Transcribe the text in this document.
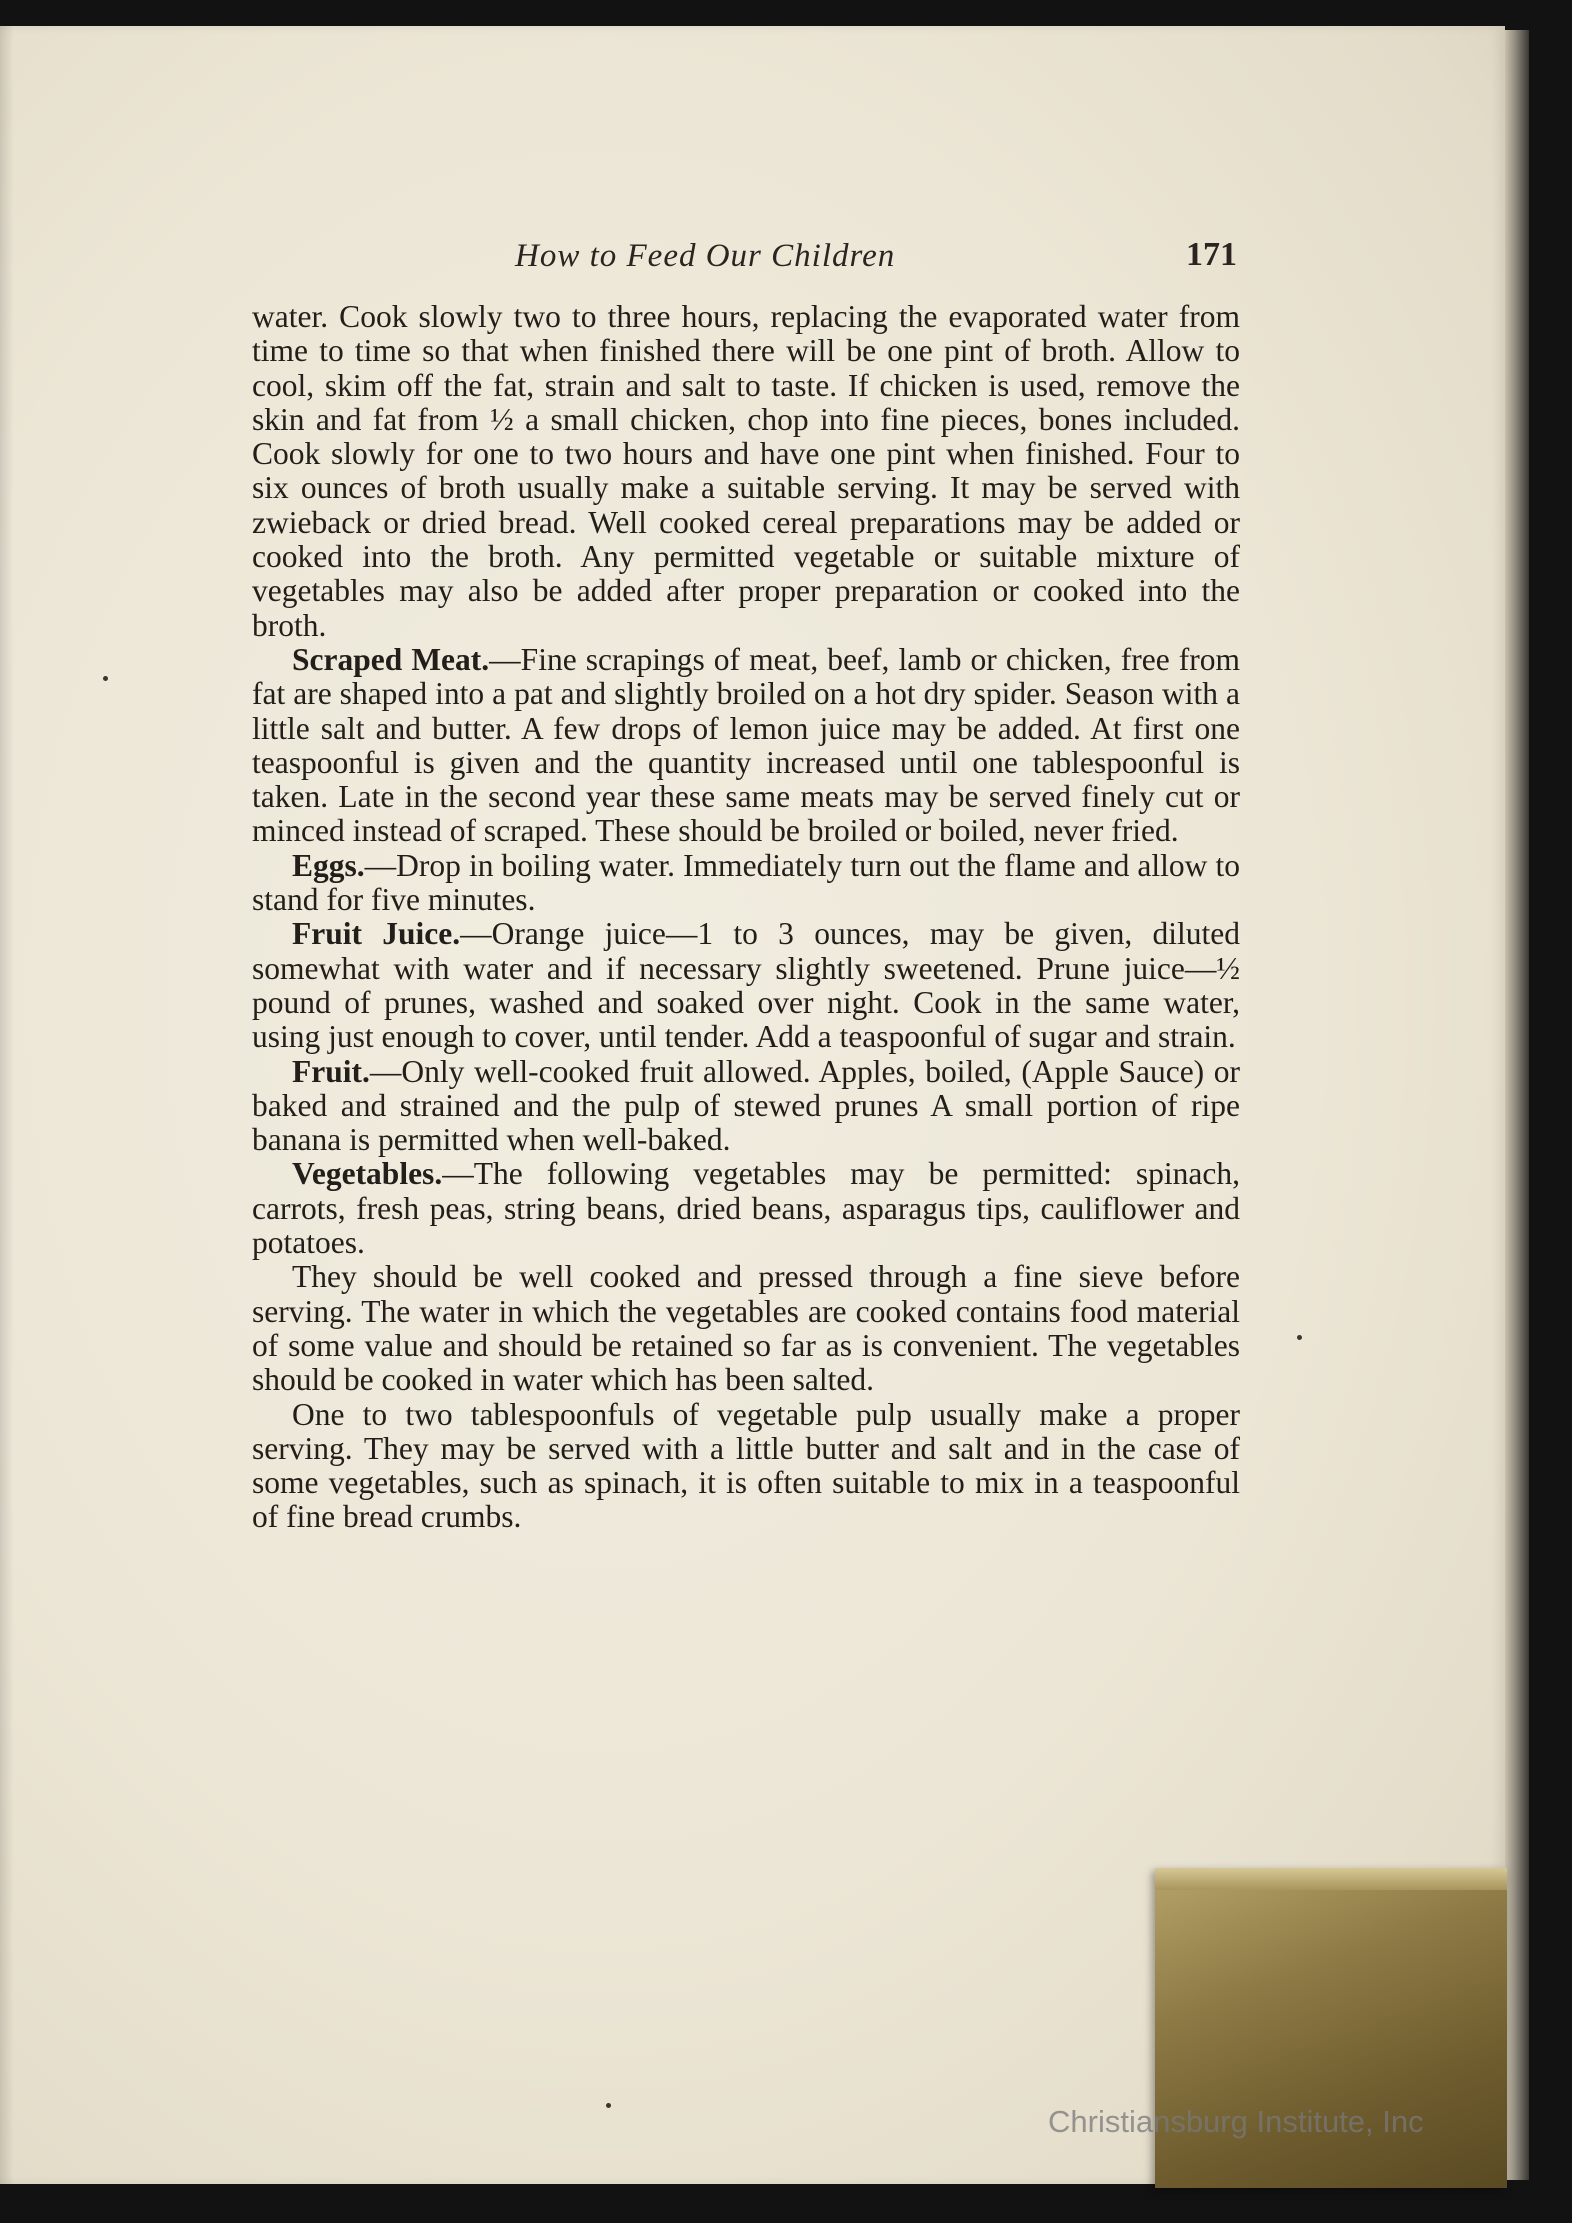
How to Feed Our Children	171

water. Cook slowly two to three hours, replacing the evaporated water from time to time so that when finished there will be one pint of broth. Allow to cool, skim off the fat, strain and salt to taste. If chicken is used, remove the skin and fat from ½ a small chicken, chop into fine pieces, bones included. Cook slowly for one to two hours and have one pint when finished. Four to six ounces of broth usually make a suitable serving. It may be served with zwieback or dried bread. Well cooked cereal preparations may be added or cooked into the broth. Any permitted vegetable or suitable mixture of vegetables may also be added after proper preparation or cooked into the broth.

Scraped Meat.—Fine scrapings of meat, beef, lamb or chicken, free from fat are shaped into a pat and slightly broiled on a hot dry spider. Season with a little salt and butter. A few drops of lemon juice may be added. At first one teaspoonful is given and the quantity increased until one tablespoonful is taken. Late in the second year these same meats may be served finely cut or minced instead of scraped. These should be broiled or boiled, never fried.

Eggs.—Drop in boiling water. Immediately turn out the flame and allow to stand for five minutes.

Fruit Juice.—Orange juice—1 to 3 ounces, may be given, diluted somewhat with water and if necessary slightly sweetened. Prune juice—½ pound of prunes, washed and soaked over night. Cook in the same water, using just enough to cover, until tender. Add a teaspoonful of sugar and strain.

Fruit.—Only well-cooked fruit allowed. Apples, boiled, (Apple Sauce) or baked and strained and the pulp of stewed prunes A small portion of ripe banana is permitted when well-baked.

Vegetables.—The following vegetables may be permitted: spinach, carrots, fresh peas, string beans, dried beans, asparagus tips, cauliflower and potatoes.

They should be well cooked and pressed through a fine sieve before serving. The water in which the vegetables are cooked contains food material of some value and should be retained so far as is convenient. The vegetables should be cooked in water which has been salted.

One to two tablespoonfuls of vegetable pulp usually make a proper serving. They may be served with a little butter and salt and in the case of some vegetables, such as spinach, it is often suitable to mix in a teaspoonful of fine bread crumbs.

Christiansburg Institute, Inc
